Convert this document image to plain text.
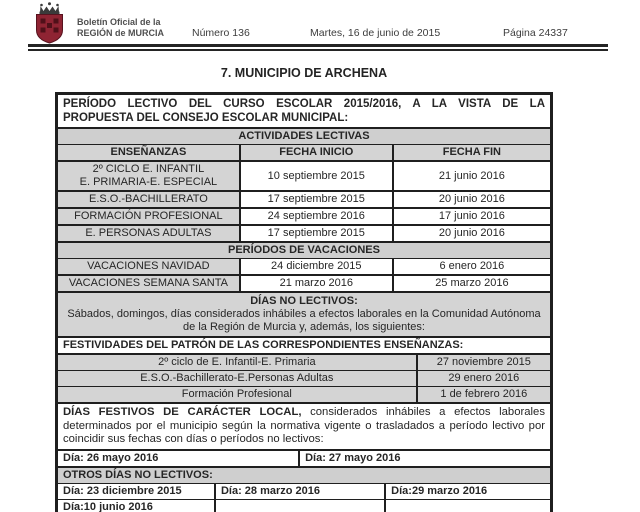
Boletín Oficial de la
REGIÓN de MURCIA	Número 136	Martes, 16 de junio de 2015	Página 24337
7. MUNICIPIO DE ARCHENA
PERÍODO LECTIVO DEL CURSO ESCOLAR 2015/2016, A LA VISTA DE LA
PROPUESTA DEL CONSEJO ESCOLAR MUNICIPAL:
ACTIVIDADES LECTIVAS
ENSEÑANZAS	FECHA INICIO	FECHA FIN
2º CICLO E. INFANTIL
E. PRIMARIA-E. ESPECIAL
10 septiembre 2015	21 junio 2016
E.S.O.-BACHILLERATO	17 septiembre 2015	20 junio 2016
FORMACIÓN PROFESIONAL	24 septiembre 2016	17 junio 2016
E. PERSONAS ADULTAS	17 septiembre 2015	20 junio 2016
PERÍODOS DE VACACIONES
VACACIONES NAVIDAD	24 diciembre 2015	6 enero 2016
VACACIONES SEMANA SANTA	21 marzo 2016	25 marzo 2016
DÍAS NO LECTIVOS:
Sábados, domingos, días considerados inhábiles a efectos laborales en la Comunidad Autónoma de la Región de Murcia y, además, los siguientes:
FESTIVIDADES DEL PATRÓN DE LAS CORRESPONDIENTES ENSEÑANZAS:
2º ciclo de E. Infantil-E. Primaria	27 noviembre 2015
E.S.O.-Bachillerato-E.Personas Adultas	29 enero 2016
Formación Profesional	1 de febrero 2016
DÍAS FESTIVOS DE CARÁCTER LOCAL, considerados inhábiles a efectos laborales determinados por el municipio según la normativa vigente o trasladados a período lectivo por coincidir sus fechas con días o períodos no lectivos:
Día: 26 mayo 2016	Día: 27 mayo 2016
OTROS DÍAS NO LECTIVOS:
Día: 23 diciembre 2015	Día: 28 marzo 2016	Día:29 marzo 2016
Día:10 junio 2016
